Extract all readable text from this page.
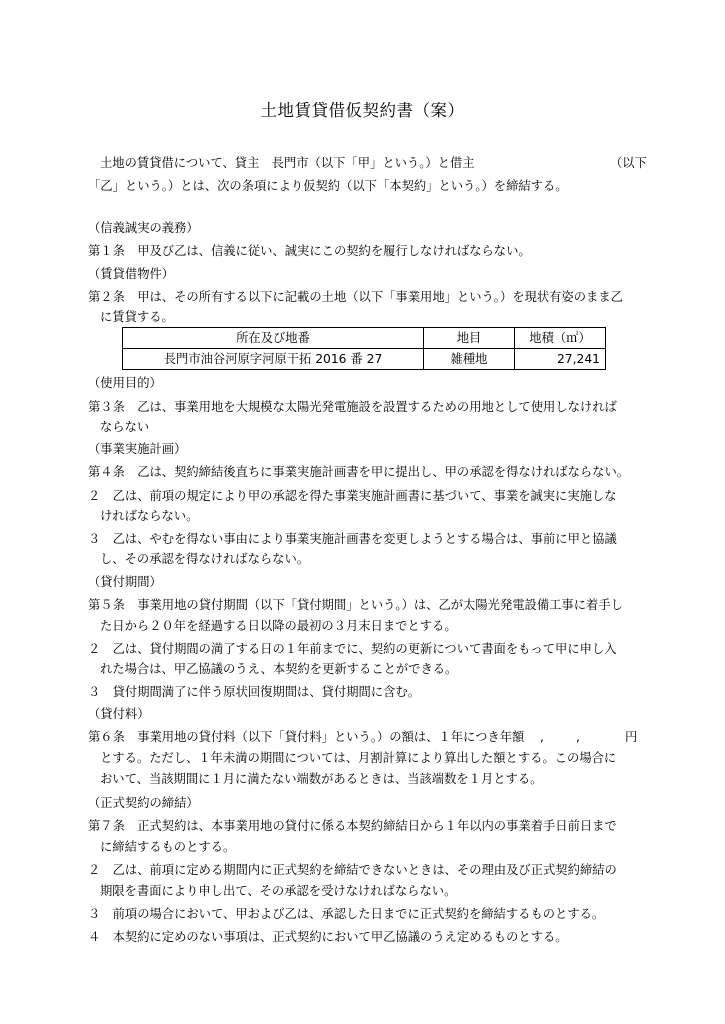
土地賃貸借仮契約書（案）
土地の賃貸借について、貸主　長門市（以下「甲」という。）と借主	（以下
「乙」という。）とは、次の条項により仮契約（以下「本契約」という。）を締結する。
（信義誠実の義務）
第１条　甲及び乙は、信義に従い、誠実にこの契約を履行しなければならない。
（賃貸借物件）
第２条　甲は、その所有する以下に記載の土地（以下「事業用地」という。）を現状有姿のまま乙
に賃貸する。
所在及び地番	地目	地積（㎡）
長門市油谷河原字河原干拓 2016 番 27	雑種地	27,241
（使用目的）
第３条　乙は、事業用地を大規模な太陽光発電施設を設置するための用地として使用しなければ
ならない
（事業実施計画）
第４条　乙は、契約締結後直ちに事業実施計画書を甲に提出し、甲の承認を得なければならない。
２　乙は、前項の規定により甲の承認を得た事業実施計画書に基づいて、事業を誠実に実施しな
ければならない。
３　乙は、やむを得ない事由により事業実施計画書を変更しようとする場合は、事前に甲と協議
し、その承認を得なければならない。
（貸付期間）
第５条　事業用地の貸付期間（以下「貸付期間」という。）は、乙が太陽光発電設備工事に着手し
た日から２０年を経過する日以降の最初の３月末日までとする。
２　乙は、貸付期間の満了する日の１年前までに、契約の更新について書面をもって甲に申し入
れた場合は、甲乙協議のうえ、本契約を更新することができる。
３　貸付期間満了に伴う原状回復期間は、貸付期間に含む。
（貸付料）
第６条　事業用地の貸付料（以下「貸付料」という。）の額は、１年につき年額 ,	,	円
とする。ただし、１年未満の期間については、月割計算により算出した額とする。この場合に
おいて、当該期間に１月に満たない端数があるときは、当該端数を１月とする。
（正式契約の締結）
第７条　正式契約は、本事業用地の貸付に係る本契約締結日から１年以内の事業着手日前日まで
に締結するものとする。
２　乙は、前項に定める期間内に正式契約を締結できないときは、その理由及び正式契約締結の
期限を書面により申し出て、その承認を受けなければならない。
３　前項の場合において、甲および乙は、承認した日までに正式契約を締結するものとする。
４　本契約に定めのない事項は、正式契約において甲乙協議のうえ定めるものとする。
